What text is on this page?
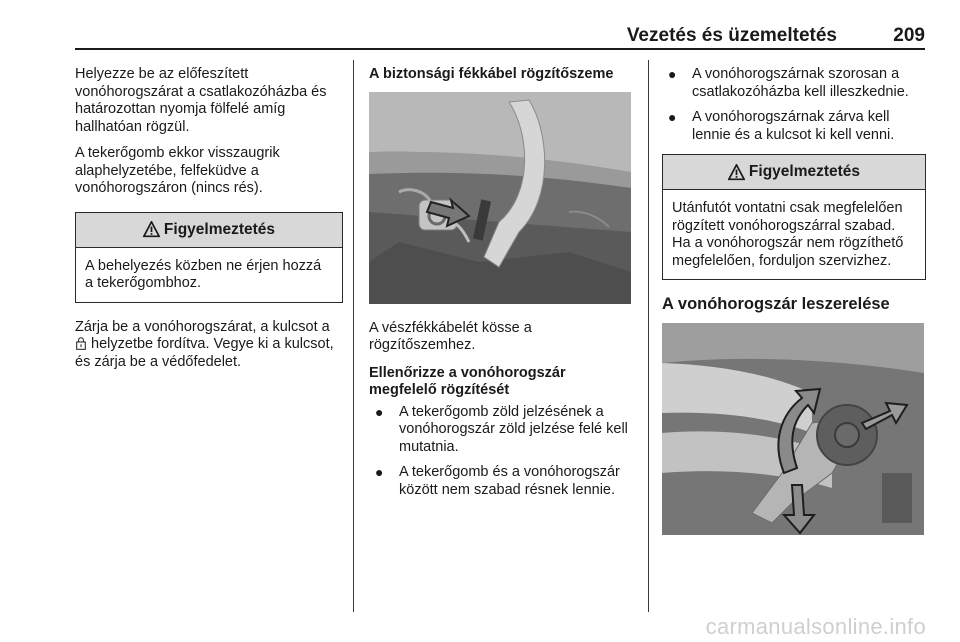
Vezetés és üzemeltetés	209

Helyezze be az előfeszített vonóhorogszárat a csatlakozóházba és határozottan nyomja fölfelé amíg hallhatóan rögzül.

A tekerőgomb ekkor visszaugrik alaphelyzetébe, felfeküdve a vonóhorogszáron (nincs rés).

Figyelmeztetés
A behelyezés közben ne érjen hozzá a tekerőgombhoz.

Zárja be a vonóhorogszárat, a kulcsot a  helyzetbe fordítva. Vegye ki a kulcsot, és zárja be a védőfedelet.

A biztonsági fékkábel rögzítőszeme

A vészfékkábelét kösse a rögzítőszemhez.

Ellenőrizze a vonóhorogszár megfelelő rögzítését

● A tekerőgomb zöld jelzésének a vonóhorogszár zöld jelzése felé kell mutatnia.
● A tekerőgomb és a vonóhorogszár között nem szabad résnek lennie.
● A vonóhorogszárnak szorosan a csatlakozóházba kell illeszkednie.
● A vonóhorogszárnak zárva kell lennie és a kulcsot ki kell venni.
Figyelmeztetés
Utánfutót vontatni csak megfelelően rögzített vonóhorogszárral szabad. Ha a vonóhorogszár nem rögzíthető megfelelően, forduljon szervizhez.

A vonóhorogszár leszerelése

carmanualsonline.info
